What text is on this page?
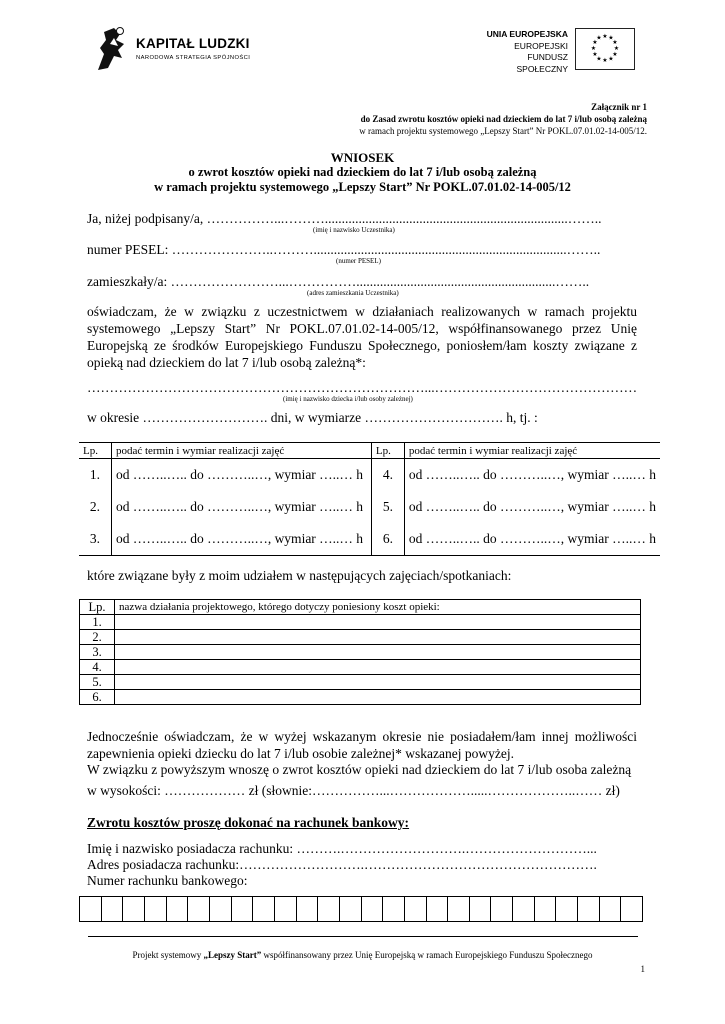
KAPITAŁ LUDZKI
NARODOWA STRATEGIA SPÓJNOŚCI
UNIA EUROPEJSKA
EUROPEJSKI
FUNDUSZ SPOŁECZNY
★ ★
★
★
★
★
★
★
★
★
★
★
Załącznik nr 1
do Zasad zwrotu kosztów opieki nad dzieckiem do lat 7 i/lub osobą zależną
w ramach projektu systemowego „Lepszy Start” Nr POKL.07.01.02-14-005/12.
WNIOSEK
o zwrot kosztów opieki nad dzieckiem do lat 7 i/lub osobą zależną
w ramach projektu systemowego „Lepszy Start” Nr POKL.07.01.02-14-005/12
Ja, niżej podpisany/a, ……………...………........................................................................……..
(imię i nazwisko Uczestnika)
numer PESEL: …………………..………...........................................................................……..
(numer PESEL)
zamieszkały/a: ……………………...……………...........................................................……..
(adres zamieszkania Uczestnika)
oświadczam, że w związku z uczestnictwem w działaniach realizowanych w ramach projektu systemowego „Lepszy Start” Nr POKL.07.01.02-14-005/12, współfinansowanego przez Unię Europejską ze środków Europejskiego Funduszu Społecznego, poniosłem/łam koszty związane z opieką nad dzieckiem do lat 7 i/lub osobą zależną*:
…………………………………………………………………...………………………………………
(imię i nazwisko dziecka i/lub osoby zależnej)
w okresie ………………………. dni, w wymiarze …………………………. h, tj. :
Lp.	podać termin i wymiar realizacji zajęć	Lp.	podać termin i wymiar realizacji zajęć
1.	od ……..….. do ………..…, wymiar …..… h	4.	od ……..….. do ………..…, wymiar …..… h
2.	od ……..….. do ………..…, wymiar …..… h	5.	od ……..….. do ………..…, wymiar …..… h
3.	od ……..….. do ………..…, wymiar …..… h	6.	od ……..….. do ………..…, wymiar …..… h
które związane były z moim udziałem w następujących zajęciach/spotkaniach:
Lp.	nazwa działania projektowego, którego dotyczy poniesiony koszt opieki:
1.	
2.	
3.	
4.	
5.	
6.	
Jednocześnie oświadczam, że w wyżej wskazanym okresie nie posiadałem/łam innej możliwości zapewnienia opieki dziecku do lat 7 i/lub osobie zależnej* wskazanej powyżej.
W związku z powyższym wnoszę o zwrot kosztów opieki nad dzieckiem do lat 7 i/lub osoba zależną
w wysokości: ……………… zł (słownie:……………...……………….....………………..…… zł)
Zwrotu kosztów proszę dokonać na rachunek bankowy:
Imię i nazwisko posiadacza rachunku: ……….……………………….………………………...
Adres posiadacza rachunku:……………………….…………………………………………….
Numer rachunku bankowego:
Projekt systemowy „Lepszy Start” współfinansowany przez Unię Europejską w ramach Europejskiego Funduszu Społecznego
1
